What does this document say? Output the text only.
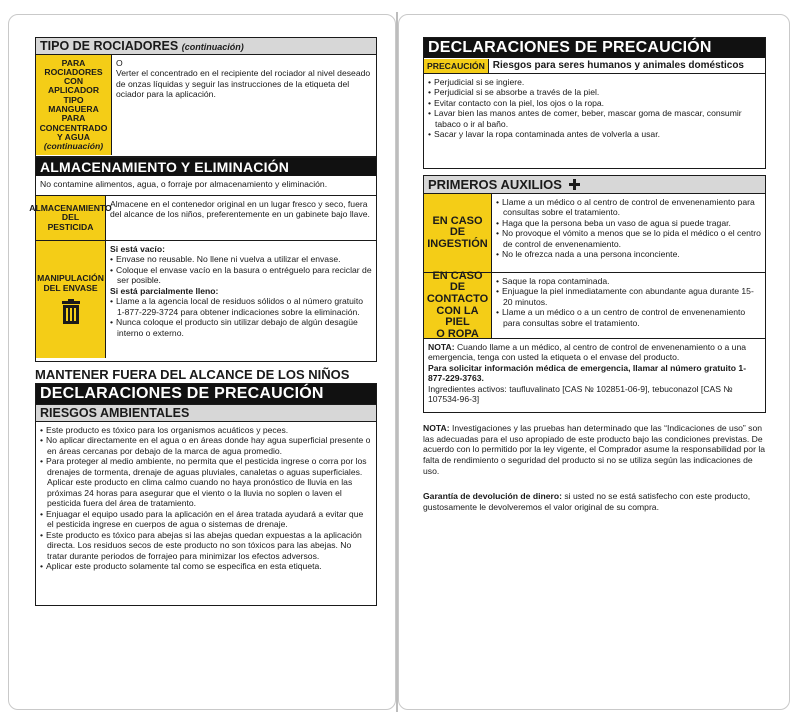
TIPO DE ROCIADORES (continuación)
PARA
ROCIADORES
CON APLICADOR
TIPO MANGUERA
PARA
CONCENTRADO
Y AGUA
(continuación)
O
Verter el concentrado en el recipiente del rociador al nivel deseado de onzas líquidas y seguir las instrucciones de la etiqueta del ociador para la aplicación.
ALMACENAMIENTO Y ELIMINACIÓN
No contamine alimentos, agua, o forraje por almacenamiento y eliminación.
ALMACENAMIENTO
DEL PESTICIDA
Almacene en el contenedor original en un lugar fresco y seco, fuera del alcance de los niños, preferentemente en un gabinete bajo llave.
MANIPULACIÓN
DEL ENVASE
Si está vacío:
• Envase no reusable. No llene ni vuelva a utilizar el envase.
• Coloque el envase vacío en la basura o entréguelo para reciclar de ser posible.
Si está parcialmente lleno:
• Llame a la agencia local de residuos sólidos o al número gratuito 1-877-229-3724 para obtener indicaciones sobre la eliminación.
• Nunca coloque el producto sin utilizar debajo de algún desagüe interno o externo.
MANTENER FUERA DEL ALCANCE DE LOS NIÑOS
DECLARACIONES DE PRECAUCIÓN
RIESGOS AMBIENTALES
• Este producto es tóxico para los organismos acuáticos y peces.
• No aplicar directamente en el agua o en áreas donde hay agua superficial presente o en áreas cercanas por debajo de la marca de agua promedio.
• Para proteger al medio ambiente, no permita que el pesticida ingrese o corra por los drenajes de tormenta, drenaje de aguas pluviales, canaletas o aguas superficiales. Aplicar este producto en clima calmo cuando no haya pronóstico de lluvia en las próximas 24 horas para asegurar que el viento o la lluvia no soplen o laven el pesticida fuera del área de tratamiento.
• Enjuagar el equipo usado para la aplicación en el área tratada ayudará a evitar que el pesticida ingrese en cuerpos de agua o sistemas de drenaje.
• Este producto es tóxico para abejas si las abejas quedan expuestas a la aplicación directa. Los residuos secos de este producto no son tóxicos para las abejas. No tratar durante periodos de forrajeo para minimizar los efectos adversos.
• Aplicar este producto solamente tal como se especifica en esta etiqueta.
DECLARACIONES DE PRECAUCIÓN
PRECAUCIÓN Riesgos para seres humanos y animales domésticos
• Perjudicial si se ingiere.
• Perjudicial si se absorbe a través de la piel.
• Evitar contacto con la piel, los ojos o la ropa.
• Lavar bien las manos antes de comer, beber, mascar goma de mascar, consumir tabaco o ir al baño.
• Sacar y lavar la ropa contaminada antes de volverla a usar.
PRIMEROS AUXILIOS
EN CASO
DE
INGESTIÓN
• Llame a un médico o al centro de control de envenenamiento para consultas sobre el tratamiento.
• Haga que la persona beba un vaso de agua si puede tragar.
• No provoque el vómito a menos que se lo pida el médico o el centro de control de envenenamiento.
• No le ofrezca nada a una persona inconciente.
EN CASO
DE
CONTACTO
CON LA PIEL
O ROPA
• Saque la ropa contaminada.
• Enjuague la piel inmediatamente con abundante agua durante 15-20 minutos.
• Llame a un médico o a un centro de control de envenenamiento para consultas sobre el tratamiento.
NOTA: Cuando llame a un médico, al centro de control de envenenamiento o a una emergencia, tenga con usted la etiqueta o el envase del producto.
Para solicitar información médica de emergencia, llamar al número gratuito 1-877-229-3763.
Ingredientes activos: taufluvalinato [CAS № 102851-06-9], tebuconazol [CAS № 107534-96-3]
NOTA: Investigaciones y las pruebas han determinado que las “Indicaciones de uso” son las adecuadas para el uso apropiado de este producto bajo las condiciones previstas. De acuerdo con lo permitido por la ley vigente, el Comprador asume la responsabilidad por la falta de rendimiento o seguridad del producto si no se utiliza según las indicaciones de uso.
Garantía de devolución de dinero: si usted no se está satisfecho con este producto, gustosamente le devolveremos el valor original de su compra.
